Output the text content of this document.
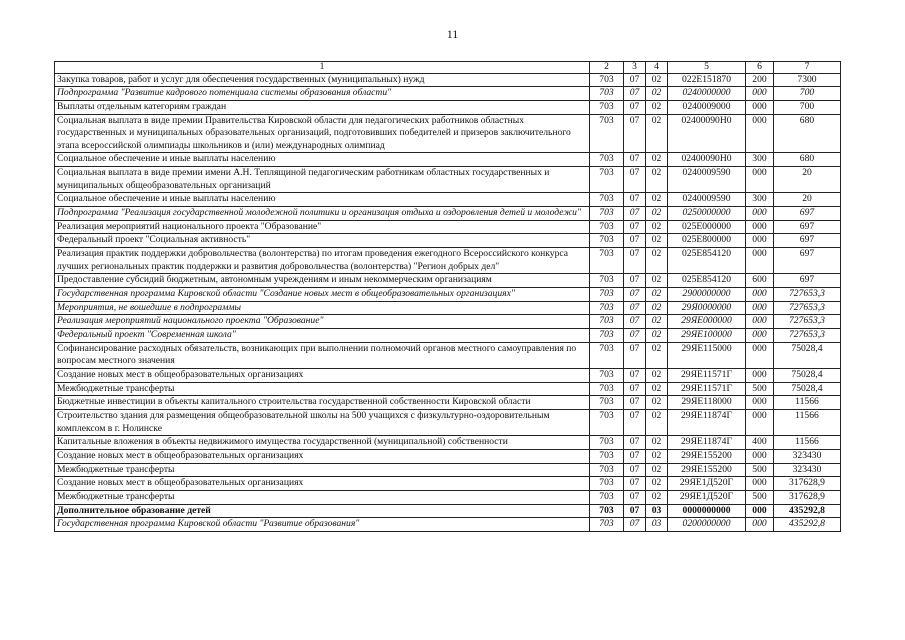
11
1	2	3	4	5	6	7
Закупка товаров, работ и услуг для обеспечения государственных (муниципальных) нужд	703	07	02	022Е151870	200	7300
Подпрограмма "Развитие кадрового потенциала системы образования области"	703	07	02	0240000000	000	700
Выплаты отдельным категориям граждан	703	07	02	0240009000	000	700
Социальная выплата в виде премии Правительства Кировской области для педагогических работников областных государственных и муниципальных образовательных организаций, подготовивших победителей и призеров заключительного этапа всероссийской олимпиады школьников и (или) международных олимпиад	703	07	02	02400090Н0	000	680
Социальное обеспечение и иные выплаты населению	703	07	02	02400090Н0	300	680
Социальная выплата в виде премии имени А.Н. Теплящиной педагогическим работникам областных государственных и муниципальных общеобразовательных организаций	703	07	02	0240009590	000	20
Социальное обеспечение и иные выплаты населению	703	07	02	0240009590	300	20
Подпрограмма "Реализация государственной молодежной политики и организация отдыха и оздоровления детей и молодежи"	703	07	02	0250000000	000	697
Реализация мероприятий национального проекта "Образование"	703	07	02	025Е000000	000	697
Федеральный проект "Социальная активность"	703	07	02	025Е800000	000	697
Реализация практик поддержки добровольчества (волонтерства) по итогам проведения ежегодного Всероссийского конкурса лучших региональных практик поддержки и развития добровольчества (волонтерства) "Регион добрых дел"	703	07	02	025Е854120	000	697
Предоставление субсидий бюджетным, автономным учреждениям и иным некоммерческим организациям	703	07	02	025Е854120	600	697
Государственная программа Кировской области "Создание новых мест в общеобразовательных организациях"	703	07	02	2900000000	000	727653,3
Мероприятия, не вошедшие в подпрограммы	703	07	02	29Я0000000	000	727653,3
Реализация мероприятий национального проекта "Образование"	703	07	02	29ЯЕ000000	000	727653,3
Федеральный проект "Современная школа"	703	07	02	29ЯЕ100000	000	727653,3
Софинансирование расходных обязательств, возникающих при выполнении полномочий органов местного самоуправления по вопросам местного значения	703	07	02	29ЯЕ115000	000	75028,4
Создание новых мест в общеобразовательных организациях	703	07	02	29ЯЕ11571Г	000	75028,4
Межбюджетные трансферты	703	07	02	29ЯЕ11571Г	500	75028,4
Бюджетные инвестиции в объекты капитального строительства государственной собственности Кировской области	703	07	02	29ЯЕ118000	000	11566
Строительство здания для размещения общеобразовательной школы на 500 учащихся с физкультурно-оздоровительным комплексом в г. Нолинске	703	07	02	29ЯЕ11874Г	000	11566
Капитальные вложения в объекты недвижимого имущества государственной (муниципальной) собственности	703	07	02	29ЯЕ11874Г	400	11566
Создание новых мест в общеобразовательных организациях	703	07	02	29ЯЕ155200	000	323430
Межбюджетные трансферты	703	07	02	29ЯЕ155200	500	323430
Создание новых мест в общеобразовательных организациях	703	07	02	29ЯЕ1Д520Г	000	317628,9
Межбюджетные трансферты	703	07	02	29ЯЕ1Д520Г	500	317628,9
Дополнительное образование детей	703	07	03	0000000000	000	435292,8
Государственная программа Кировской области "Развитие образования"	703	07	03	0200000000	000	435292,8
